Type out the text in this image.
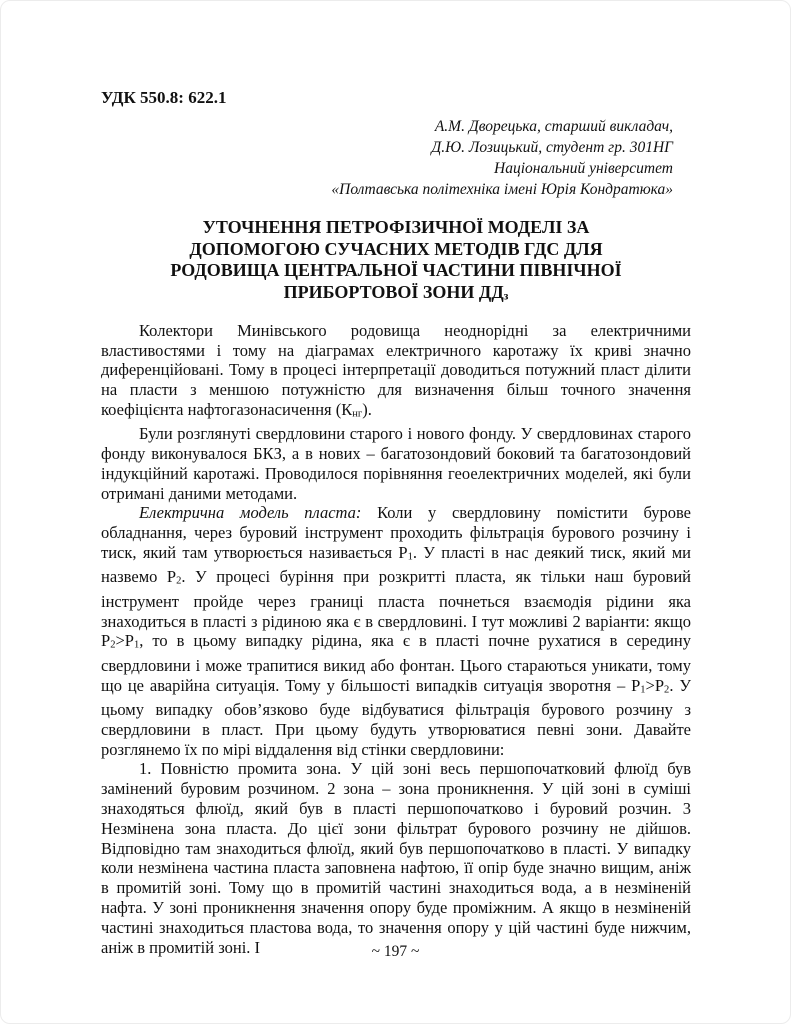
УДК 550.8: 622.1
А.М. Дворецька, старший викладач,
Д.Ю. Лозицький, студент гр. 301НГ
Національний університет
«Полтавська політехніка імені Юрія Кондратюка»
УТОЧНЕННЯ ПЕТРОФІЗИЧНОЇ МОДЕЛІ ЗА
ДОПОМОГОЮ СУЧАСНИХ МЕТОДІВ ГДС ДЛЯ
РОДОВИЩА ЦЕНТРАЛЬНОЇ ЧАСТИНИ ПІВНІЧНОЇ
ПРИБОРТОВОЇ ЗОНИ ДДз

Колектори Минівського родовища неоднорідні за електричними властивостями і тому на діаграмах електричного каротажу їх криві значно диференційовані. Тому в процесі інтерпретації доводиться потужний пласт ділити на пласти з меншою потужністю для визначення більш точного значення коефіцієнта нафтогазонасичення (Кнг).

Були розглянуті свердловини старого і нового фонду. У свердловинах старого фонду виконувалося БКЗ, а в нових – багатозондовий боковий та багатозондовий індукційний каротажі. Проводилося порівняння геоелектричних моделей, які були отримані даними методами.

Електрична модель пласта: Коли у свердловину помістити бурове обладнання, через буровий інструмент проходить фільтрація бурового розчину і тиск, який там утворюється називається Р1. У пласті в нас деякий тиск, який ми назвемо Р2. У процесі буріння при розкритті пласта, як тільки наш буровий інструмент пройде через границі пласта почнеться взаємодія рідини яка знаходиться в пласті з рідиною яка є в свердловині. І тут можливі 2 варіанти: якщо Р2>Р1, то в цьому випадку рідина, яка є в пласті почне рухатися в середину свердловини і може трапитися викид або фонтан. Цього стараються уникати, тому що це аварійна ситуація. Тому у більшості випадків ситуація зворотня – Р1>Р2. У цьому випадку обов’язково буде відбуватися фільтрація бурового розчину з свердловини в пласт. При цьому будуть утворюватися певні зони. Давайте розглянемо їх по мірі віддалення від стінки свердловини:

1. Повністю промита зона. У цій зоні весь першопочатковий флюїд був замінений буровим розчином. 2 зона – зона проникнення. У цій зоні в суміші знаходяться флюїд, який був в пласті першопочатково і буровий розчин. 3 Незмінена зона пласта. До цієї зони фільтрат бурового розчину не дійшов. Відповідно там знаходиться флюїд, який був першопочатково в пласті. У випадку коли незмінена частина пласта заповнена нафтою, її опір буде значно вищим, аніж в промитій зоні. Тому що в промитій частині знаходиться вода, а в незміненій нафта. У зоні проникнення значення опору буде проміжним. А якщо в незміненій частині знаходиться пластова вода, то значення опору у цій частині буде нижчим, аніж в промитій зоні. І	~ 197 ~
